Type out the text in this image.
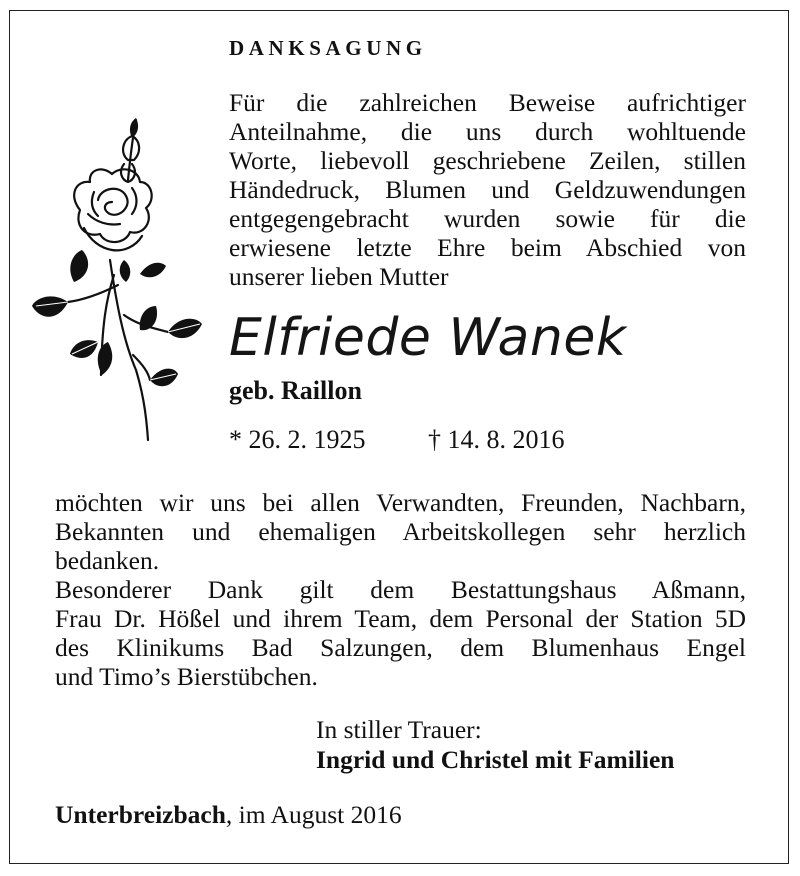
DANKSAGUNG

Für die zahlreichen Beweise aufrichtiger

Anteilnahme, die uns durch wohltuende

Worte, liebevoll geschriebene Zeilen, stillen

Händedruck, Blumen und Geldzuwendungen

entgegengebracht wurden sowie für die

erwiesene letzte Ehre beim Abschied von

unserer lieben Mutter

Elfriede Wanek
geb. Raillon
* 26. 2. 1925 † 14. 8. 2016

möchten wir uns bei allen Verwandten, Freunden, Nachbarn,

Bekannten und ehemaligen Arbeitskollegen sehr herzlich

bedanken.

Besonderer Dank gilt dem Bestattungshaus Aßmann,

Frau Dr. Hößel und ihrem Team, dem Personal der Station 5D

des Klinikums Bad Salzungen, dem Blumenhaus Engel

und Timo’s Bierstübchen.

In stiller Trauer:
Ingrid und Christel mit Familien
Unterbreizbach, im August 2016
